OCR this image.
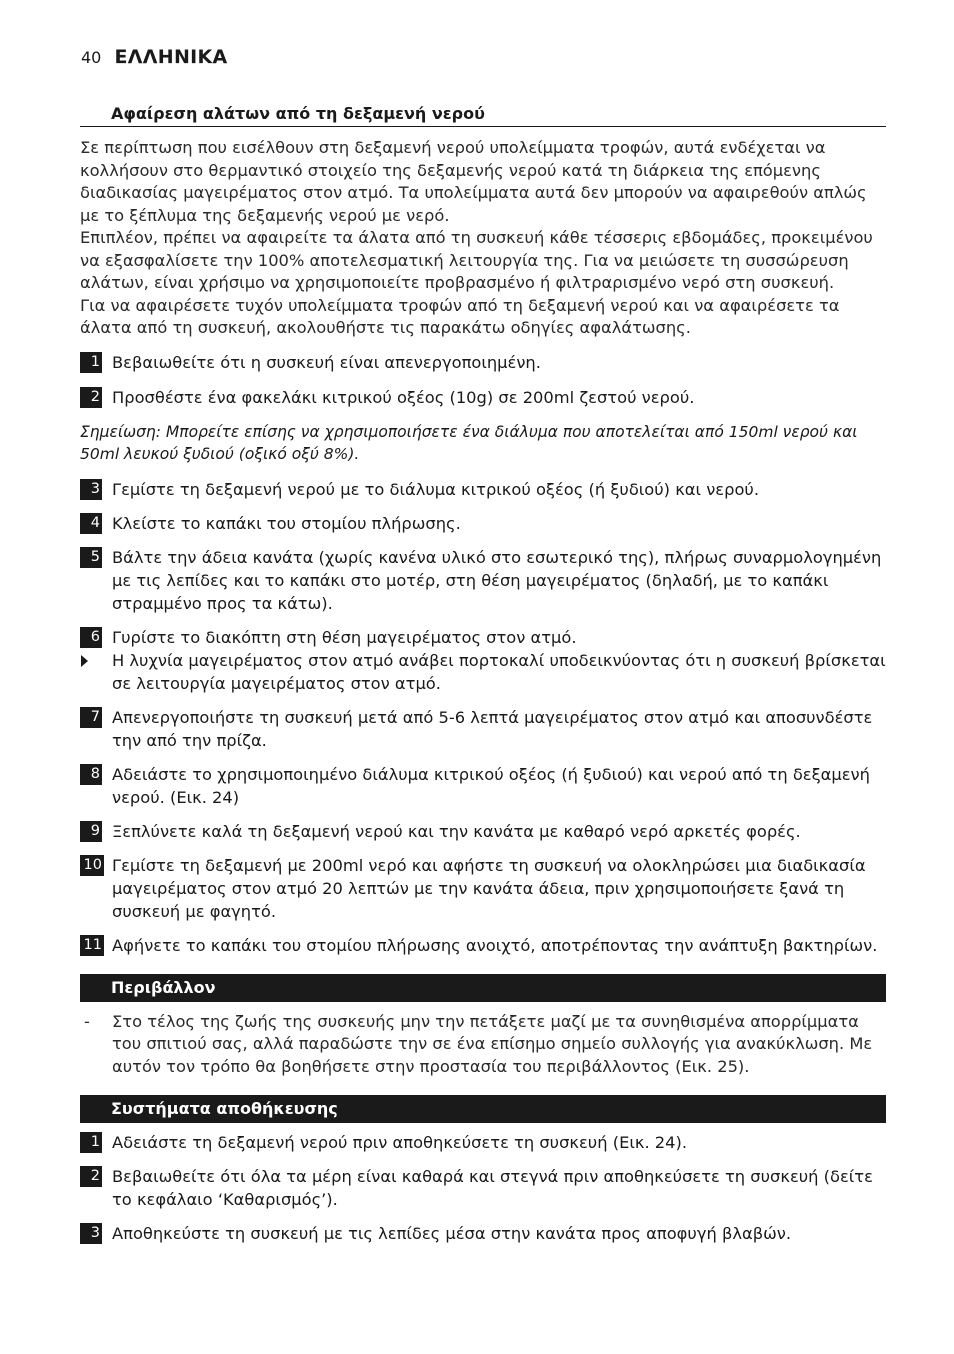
40 ΕΛΛΗΝΙΚΑ
Αφαίρεση αλάτων από τη δεξαμενή νερού

Σε περίπτωση που εισέλθουν στη δεξαμενή νερού υπολείμματα τροφών, αυτά ενδέχεται να κολλήσουν στο θερμαντικό στοιχείο της δεξαμενής νερού κατά τη διάρκεια της επόμενης διαδικασίας μαγειρέματος στον ατμό. Τα υπολείμματα αυτά δεν μπορούν να αφαιρεθούν απλώς με το ξέπλυμα της δεξαμενής νερού με νερό.

Επιπλέον, πρέπει να αφαιρείτε τα άλατα από τη συσκευή κάθε τέσσερις εβδομάδες, προκειμένου να εξασφαλίσετε την 100% αποτελεσματική λειτουργία της. Για να μειώσετε τη συσσώρευση αλάτων, είναι χρήσιμο να χρησιμοποιείτε προβρασμένο ή φιλτραρισμένο νερό στη συσκευή.

Για να αφαιρέσετε τυχόν υπολείμματα τροφών από τη δεξαμενή νερού και να αφαιρέσετε τα άλατα από τη συσκευή, ακολουθήστε τις παρακάτω οδηγίες αφαλάτωσης.

1 Βεβαιωθείτε ότι η συσκευή είναι απενεργοποιημένη.
2 Προσθέστε ένα φακελάκι κιτρικού οξέος (10g) σε 200ml ζεστού νερού.
Σημείωση: Μπορείτε επίσης να χρησιμοποιήσετε ένα διάλυμα που αποτελείται από 150ml νερού και 50ml λευκού ξυδιού (οξικό οξύ 8%).
3 Γεμίστε τη δεξαμενή νερού με το διάλυμα κιτρικού οξέος (ή ξυδιού) και νερού.
4 Κλείστε το καπάκι του στομίου πλήρωσης.
5 Βάλτε την άδεια κανάτα (χωρίς κανένα υλικό στο εσωτερικό της), πλήρως συναρμολογημένη με τις λεπίδες και το καπάκι στο μοτέρ, στη θέση μαγειρέματος (δηλαδή, με το καπάκι στραμμένο προς τα κάτω).
6 Γυρίστε το διακόπτη στη θέση μαγειρέματος στον ατμό.
Η λυχνία μαγειρέματος στον ατμό ανάβει πορτοκαλί υποδεικνύοντας ότι η συσκευή βρίσκεται σε λειτουργία μαγειρέματος στον ατμό.
7 Απενεργοποιήστε τη συσκευή μετά από 5-6 λεπτά μαγειρέματος στον ατμό και αποσυνδέστε την από την πρίζα.
8 Αδειάστε το χρησιμοποιημένο διάλυμα κιτρικού οξέος (ή ξυδιού) και νερού από τη δεξαμενή νερού. (Εικ. 24)
9 Ξεπλύνετε καλά τη δεξαμενή νερού και την κανάτα με καθαρό νερό αρκετές φορές.
10 Γεμίστε τη δεξαμενή με 200ml νερό και αφήστε τη συσκευή να ολοκληρώσει μια διαδικασία μαγειρέματος στον ατμό 20 λεπτών με την κανάτα άδεια, πριν χρησιμοποιήσετε ξανά τη συσκευή με φαγητό.
11 Αφήνετε το καπάκι του στομίου πλήρωσης ανοιχτό, αποτρέποντας την ανάπτυξη βακτηρίων.
Περιβάλλον
- Στο τέλος της ζωής της συσκευής μην την πετάξετε μαζί με τα συνηθισμένα απορρίμματα του σπιτιού σας, αλλά παραδώστε την σε ένα επίσημο σημείο συλλογής για ανακύκλωση. Με αυτόν τον τρόπο θα βοηθήσετε στην προστασία του περιβάλλοντος (Εικ. 25).
Συστήματα αποθήκευσης
1 Αδειάστε τη δεξαμενή νερού πριν αποθηκεύσετε τη συσκευή (Εικ. 24).
2 Βεβαιωθείτε ότι όλα τα μέρη είναι καθαρά και στεγνά πριν αποθηκεύσετε τη συσκευή (δείτε το κεφάλαιο ‘Καθαρισμός’).
3 Αποθηκεύστε τη συσκευή με τις λεπίδες μέσα στην κανάτα προς αποφυγή βλαβών.
